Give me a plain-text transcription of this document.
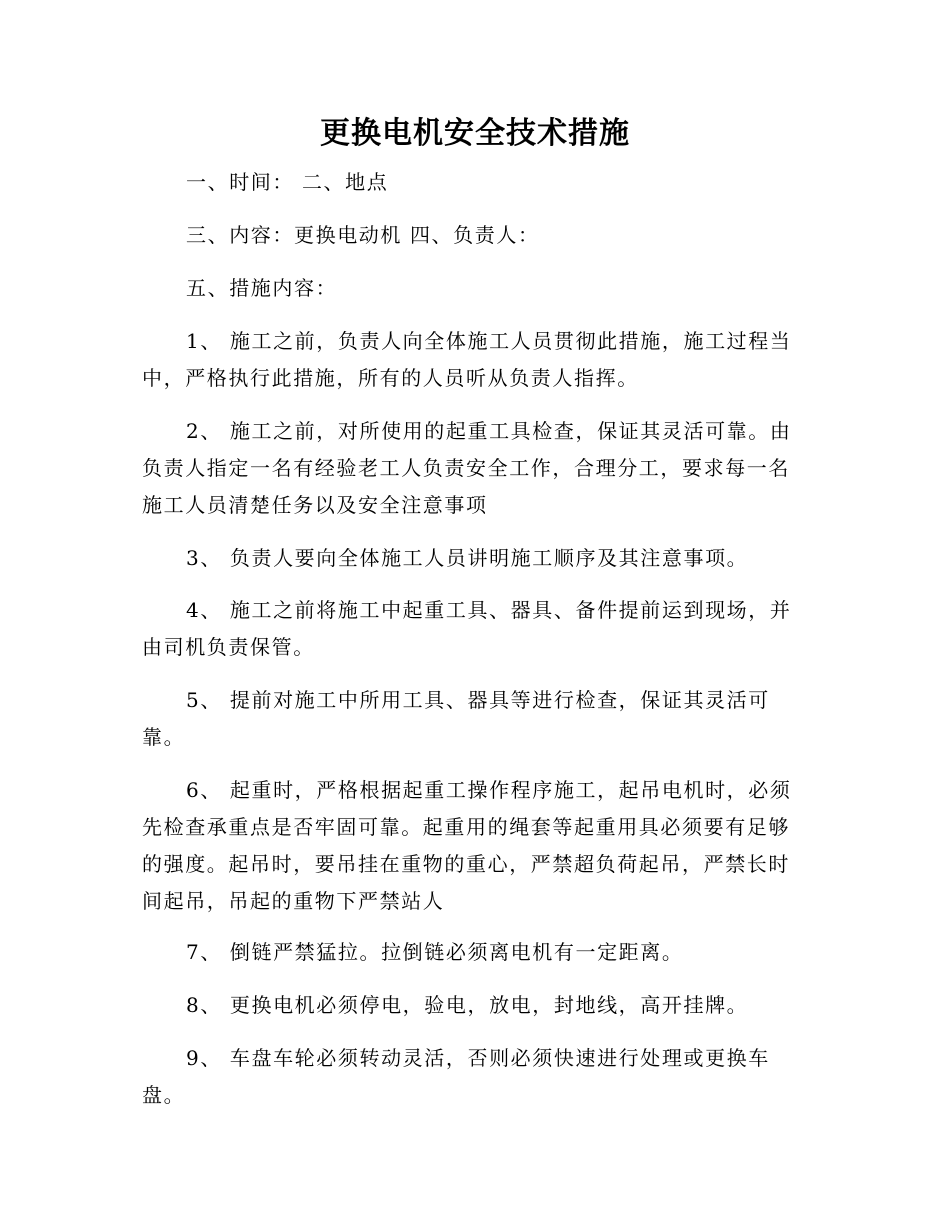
更换电机安全技术措施

一、时间： 二、地点

三、内容：更换电动机 四、负责人：

五、措施内容：

1、 施工之前，负责人向全体施工人员贯彻此措施，施工过程当

中，严格执行此措施，所有的人员听从负责人指挥。

2、 施工之前，对所使用的起重工具检查，保证其灵活可靠。由

负责人指定一名有经验老工人负责安全工作，合理分工，要求每一名

施工人员清楚任务以及安全注意事项

3、 负责人要向全体施工人员讲明施工顺序及其注意事项。

4、 施工之前将施工中起重工具、器具、备件提前运到现场，并

由司机负责保管。

5、 提前对施工中所用工具、器具等进行检查，保证其灵活可

靠。

6、 起重时，严格根据起重工操作程序施工，起吊电机时，必须

先检查承重点是否牢固可靠。起重用的绳套等起重用具必须要有足够

的强度。起吊时，要吊挂在重物的重心，严禁超负荷起吊，严禁长时

间起吊，吊起的重物下严禁站人

7、 倒链严禁猛拉。拉倒链必须离电机有一定距离。

8、 更换电机必须停电，验电，放电，封地线，高开挂牌。

9、 车盘车轮必须转动灵活，否则必须快速进行处理或更换车

盘。
